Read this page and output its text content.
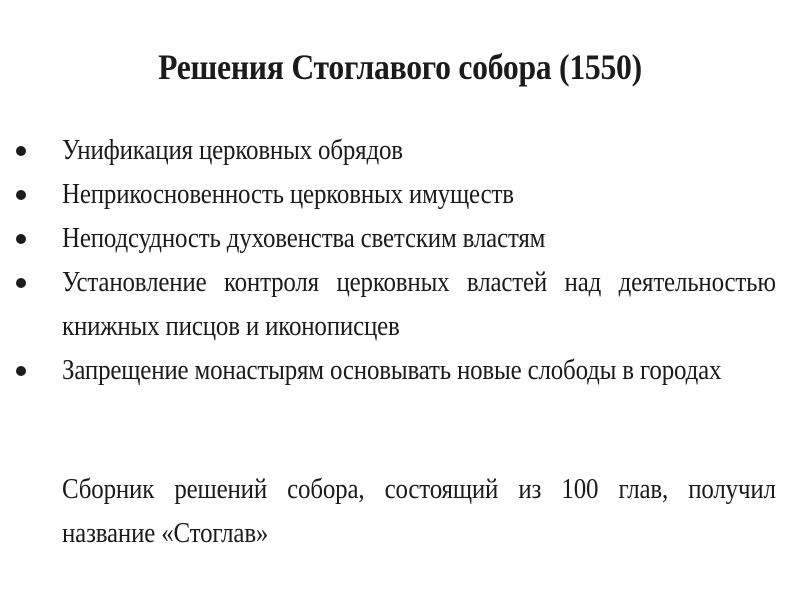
Решения Стоглавого собора (1550)
Унификация церковных обрядов
Неприкосновенность церковных имуществ
Неподсудность духовенства светским властям
Установление контроля церковных властей над деятельностью книжных писцов и иконописцев
Запрещение монастырям основывать новые слободы в городах
Сборник решений собора, состоящий из 100 глав, получил название «Стоглав»
